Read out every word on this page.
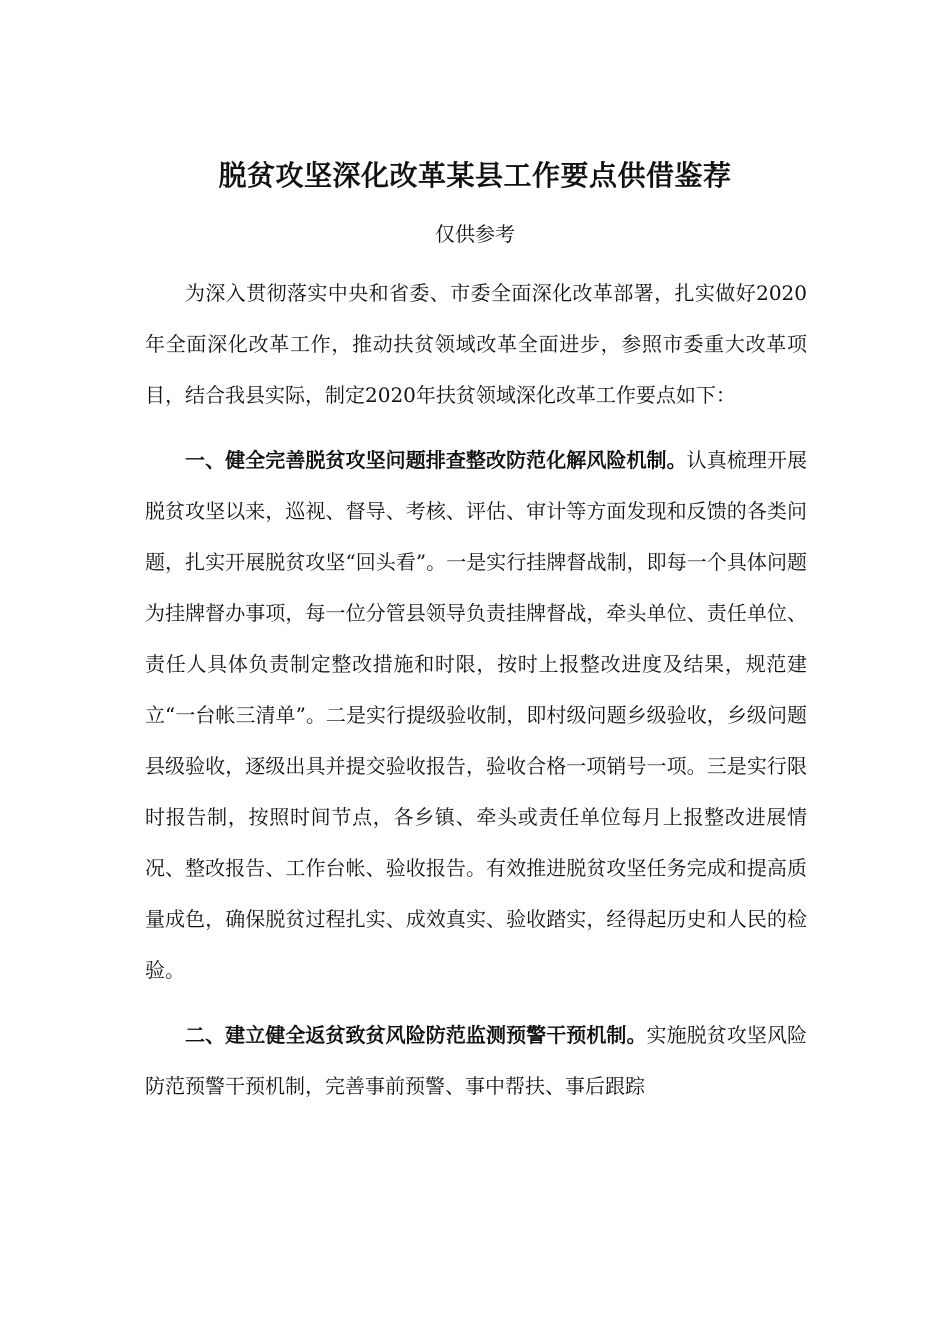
脱贫攻坚深化改革某县工作要点供借鉴荐
仅供参考

为深入贯彻落实中央和省委、市委全面深化改革部署，扎实做好2020年全面深化改革工作，推动扶贫领域改革全面进步，参照市委重大改革项目，结合我县实际，制定2020年扶贫领域深化改革工作要点如下：

一、健全完善脱贫攻坚问题排查整改防范化解风险机制。认真梳理开展脱贫攻坚以来，巡视、督导、考核、评估、审计等方面发现和反馈的各类问题，扎实开展脱贫攻坚“回头看”。一是实行挂牌督战制，即每一个具体问题为挂牌督办事项，每一位分管县领导负责挂牌督战，牵头单位、责任单位、责任人具体负责制定整改措施和时限，按时上报整改进度及结果，规范建立“一台帐三清单”。二是实行提级验收制，即村级问题乡级验收，乡级问题县级验收，逐级出具并提交验收报告，验收合格一项销号一项。三是实行限时报告制，按照时间节点，各乡镇、牵头或责任单位每月上报整改进展情况、整改报告、工作台帐、验收报告。有效推进脱贫攻坚任务完成和提高质量成色，确保脱贫过程扎实、成效真实、验收踏实，经得起历史和人民的检验。

二、建立健全返贫致贫风险防范监测预警干预机制。实施脱贫攻坚风险防范预警干预机制，完善事前预警、事中帮扶、事后跟踪
